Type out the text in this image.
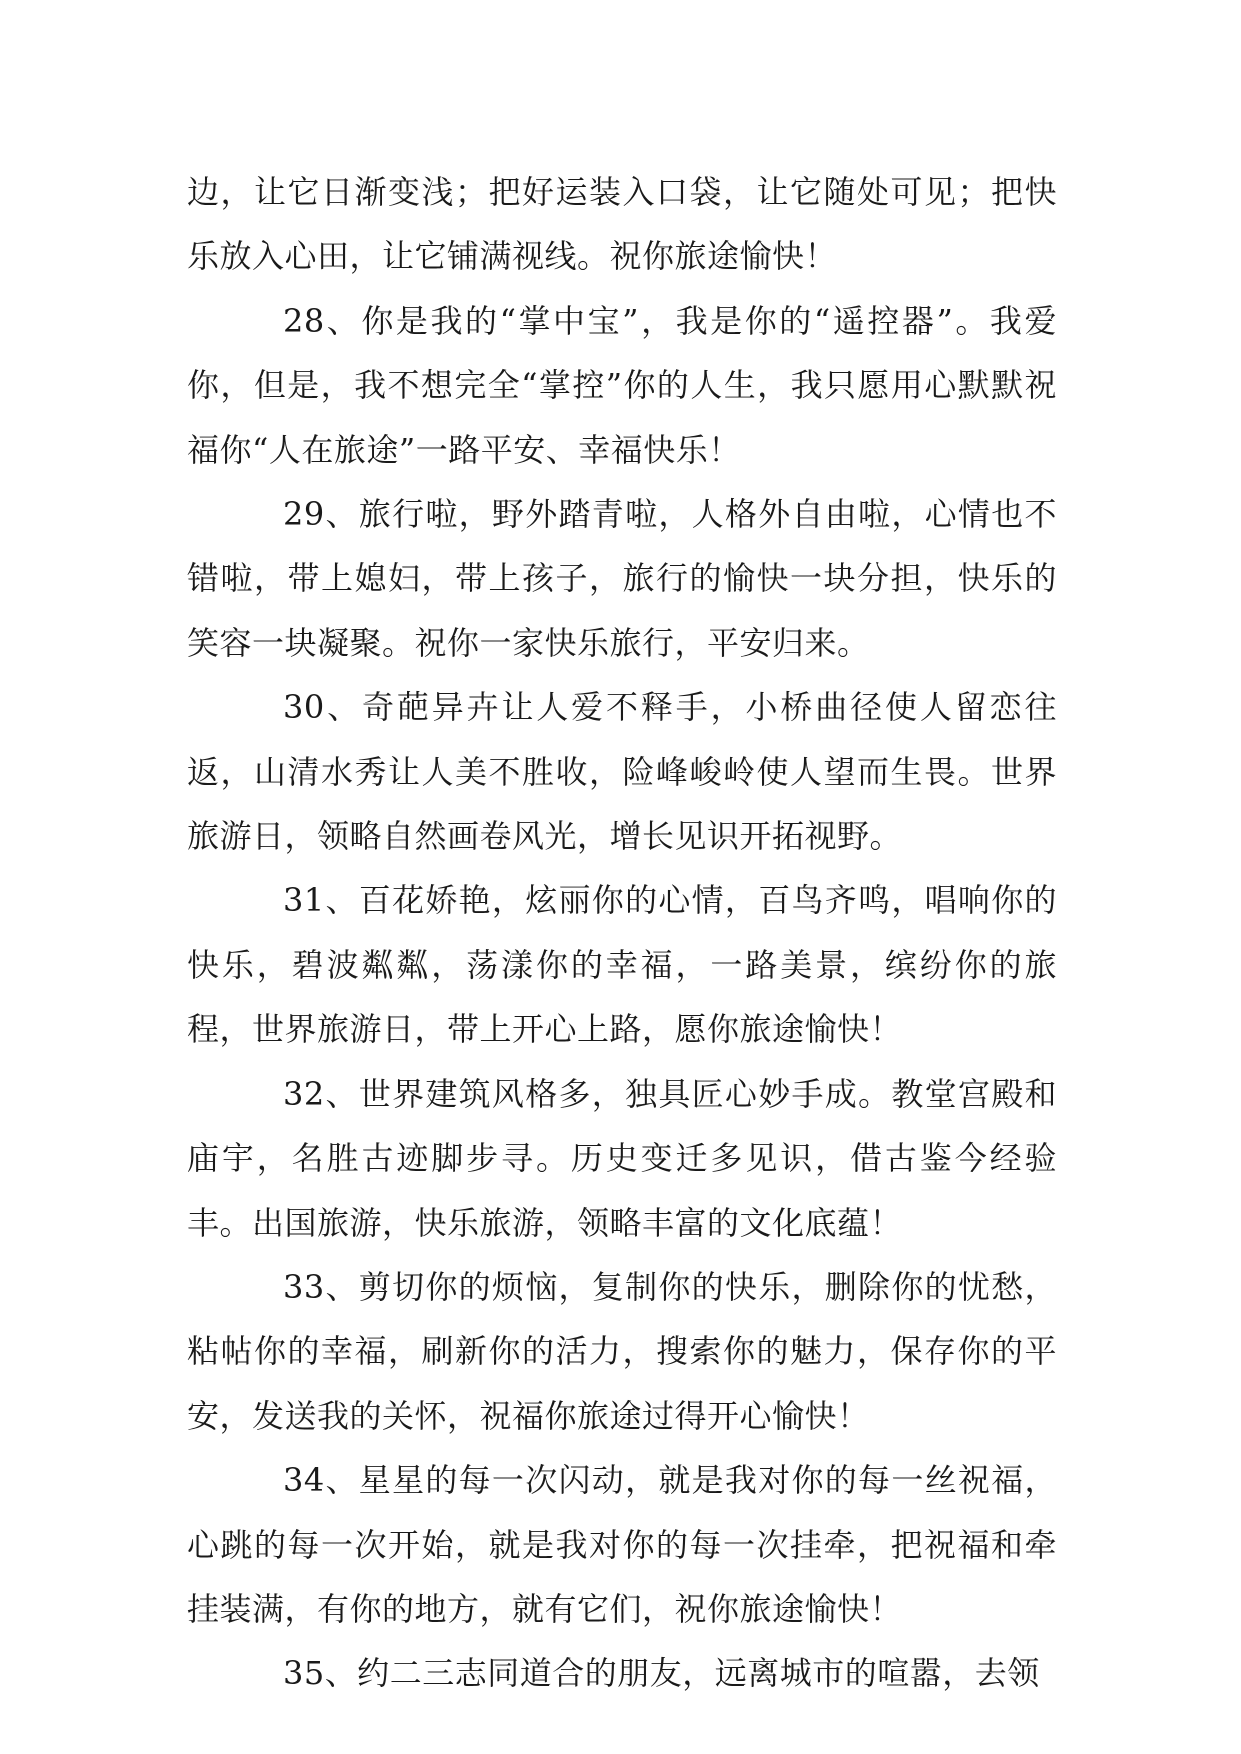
边，让它日渐变浅；把好运装入口袋，让它随处可见；把快乐放入心田，让它铺满视线。祝你旅途愉快！

28、你是我的“掌中宝”，我是你的“遥控器”。我爱你，但是，我不想完全“掌控”你的人生，我只愿用心默默祝福你“人在旅途”一路平安、幸福快乐！

29、旅行啦，野外踏青啦，人格外自由啦，心情也不错啦，带上媳妇，带上孩子，旅行的愉快一块分担，快乐的笑容一块凝聚。祝你一家快乐旅行，平安归来。

30、奇葩异卉让人爱不释手，小桥曲径使人留恋往返，山清水秀让人美不胜收，险峰峻岭使人望而生畏。世界旅游日，领略自然画卷风光，增长见识开拓视野。

31、百花娇艳，炫丽你的心情，百鸟齐鸣，唱响你的快乐，碧波粼粼，荡漾你的幸福，一路美景，缤纷你的旅程，世界旅游日，带上开心上路，愿你旅途愉快！

32、世界建筑风格多，独具匠心妙手成。教堂宫殿和庙宇，名胜古迹脚步寻。历史变迁多见识，借古鉴今经验丰。出国旅游，快乐旅游，领略丰富的文化底蕴！

33、剪切你的烦恼，复制你的快乐，删除你的忧愁，粘帖你的幸福，刷新你的活力，搜索你的魅力，保存你的平安，发送我的关怀，祝福你旅途过得开心愉快！

34、星星的每一次闪动，就是我对你的每一丝祝福，心跳的每一次开始，就是我对你的每一次挂牵，把祝福和牵挂装满，有你的地方，就有它们，祝你旅途愉快！

35、约二三志同道合的朋友，远离城市的喧嚣，去领
